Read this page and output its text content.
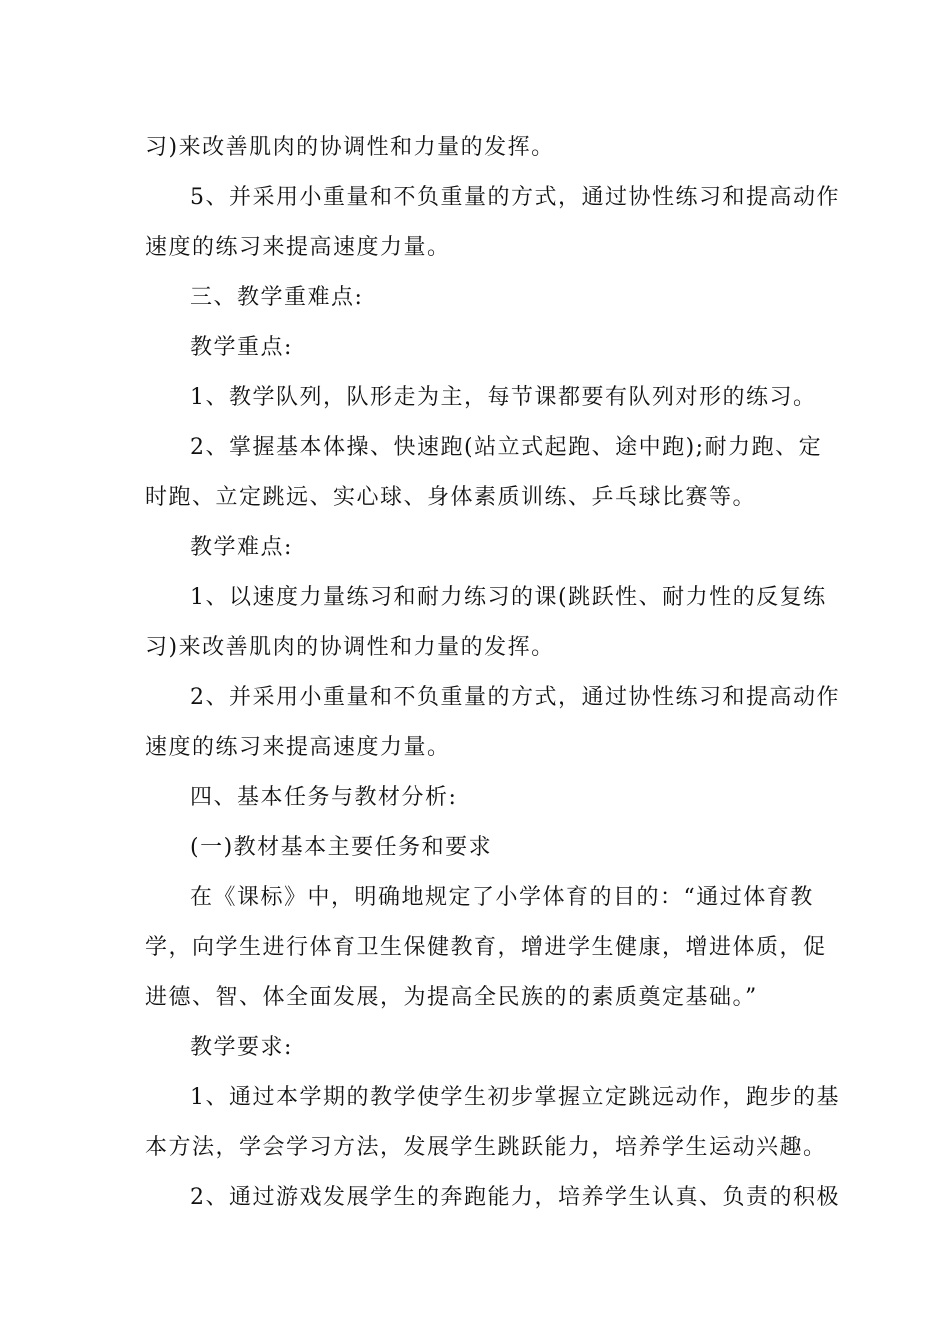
习)来改善肌肉的协调性和力量的发挥。
5、并采用小重量和不负重量的方式，通过协性练习和提高动作
速度的练习来提高速度力量。
三、教学重难点:
教学重点:
1、教学队列，队形走为主，每节课都要有队列对形的练习。
2、掌握基本体操、快速跑(站立式起跑、途中跑);耐力跑、定
时跑、立定跳远、实心球、身体素质训练、乒乓球比赛等。
教学难点:
1、以速度力量练习和耐力练习的课(跳跃性、耐力性的反复练
习)来改善肌肉的协调性和力量的发挥。
2、并采用小重量和不负重量的方式，通过协性练习和提高动作
速度的练习来提高速度力量。
四、基本任务与教材分析:
(一)教材基本主要任务和要求
在《课标》中，明确地规定了小学体育的目的：“通过体育教
学，向学生进行体育卫生保健教育，增进学生健康，增进体质，促
进德、智、体全面发展，为提高全民族的的素质奠定基础。”
教学要求:
1、通过本学期的教学使学生初步掌握立定跳远动作，跑步的基
本方法，学会学习方法，发展学生跳跃能力，培养学生运动兴趣。
2、通过游戏发展学生的奔跑能力，培养学生认真、负责的积极
